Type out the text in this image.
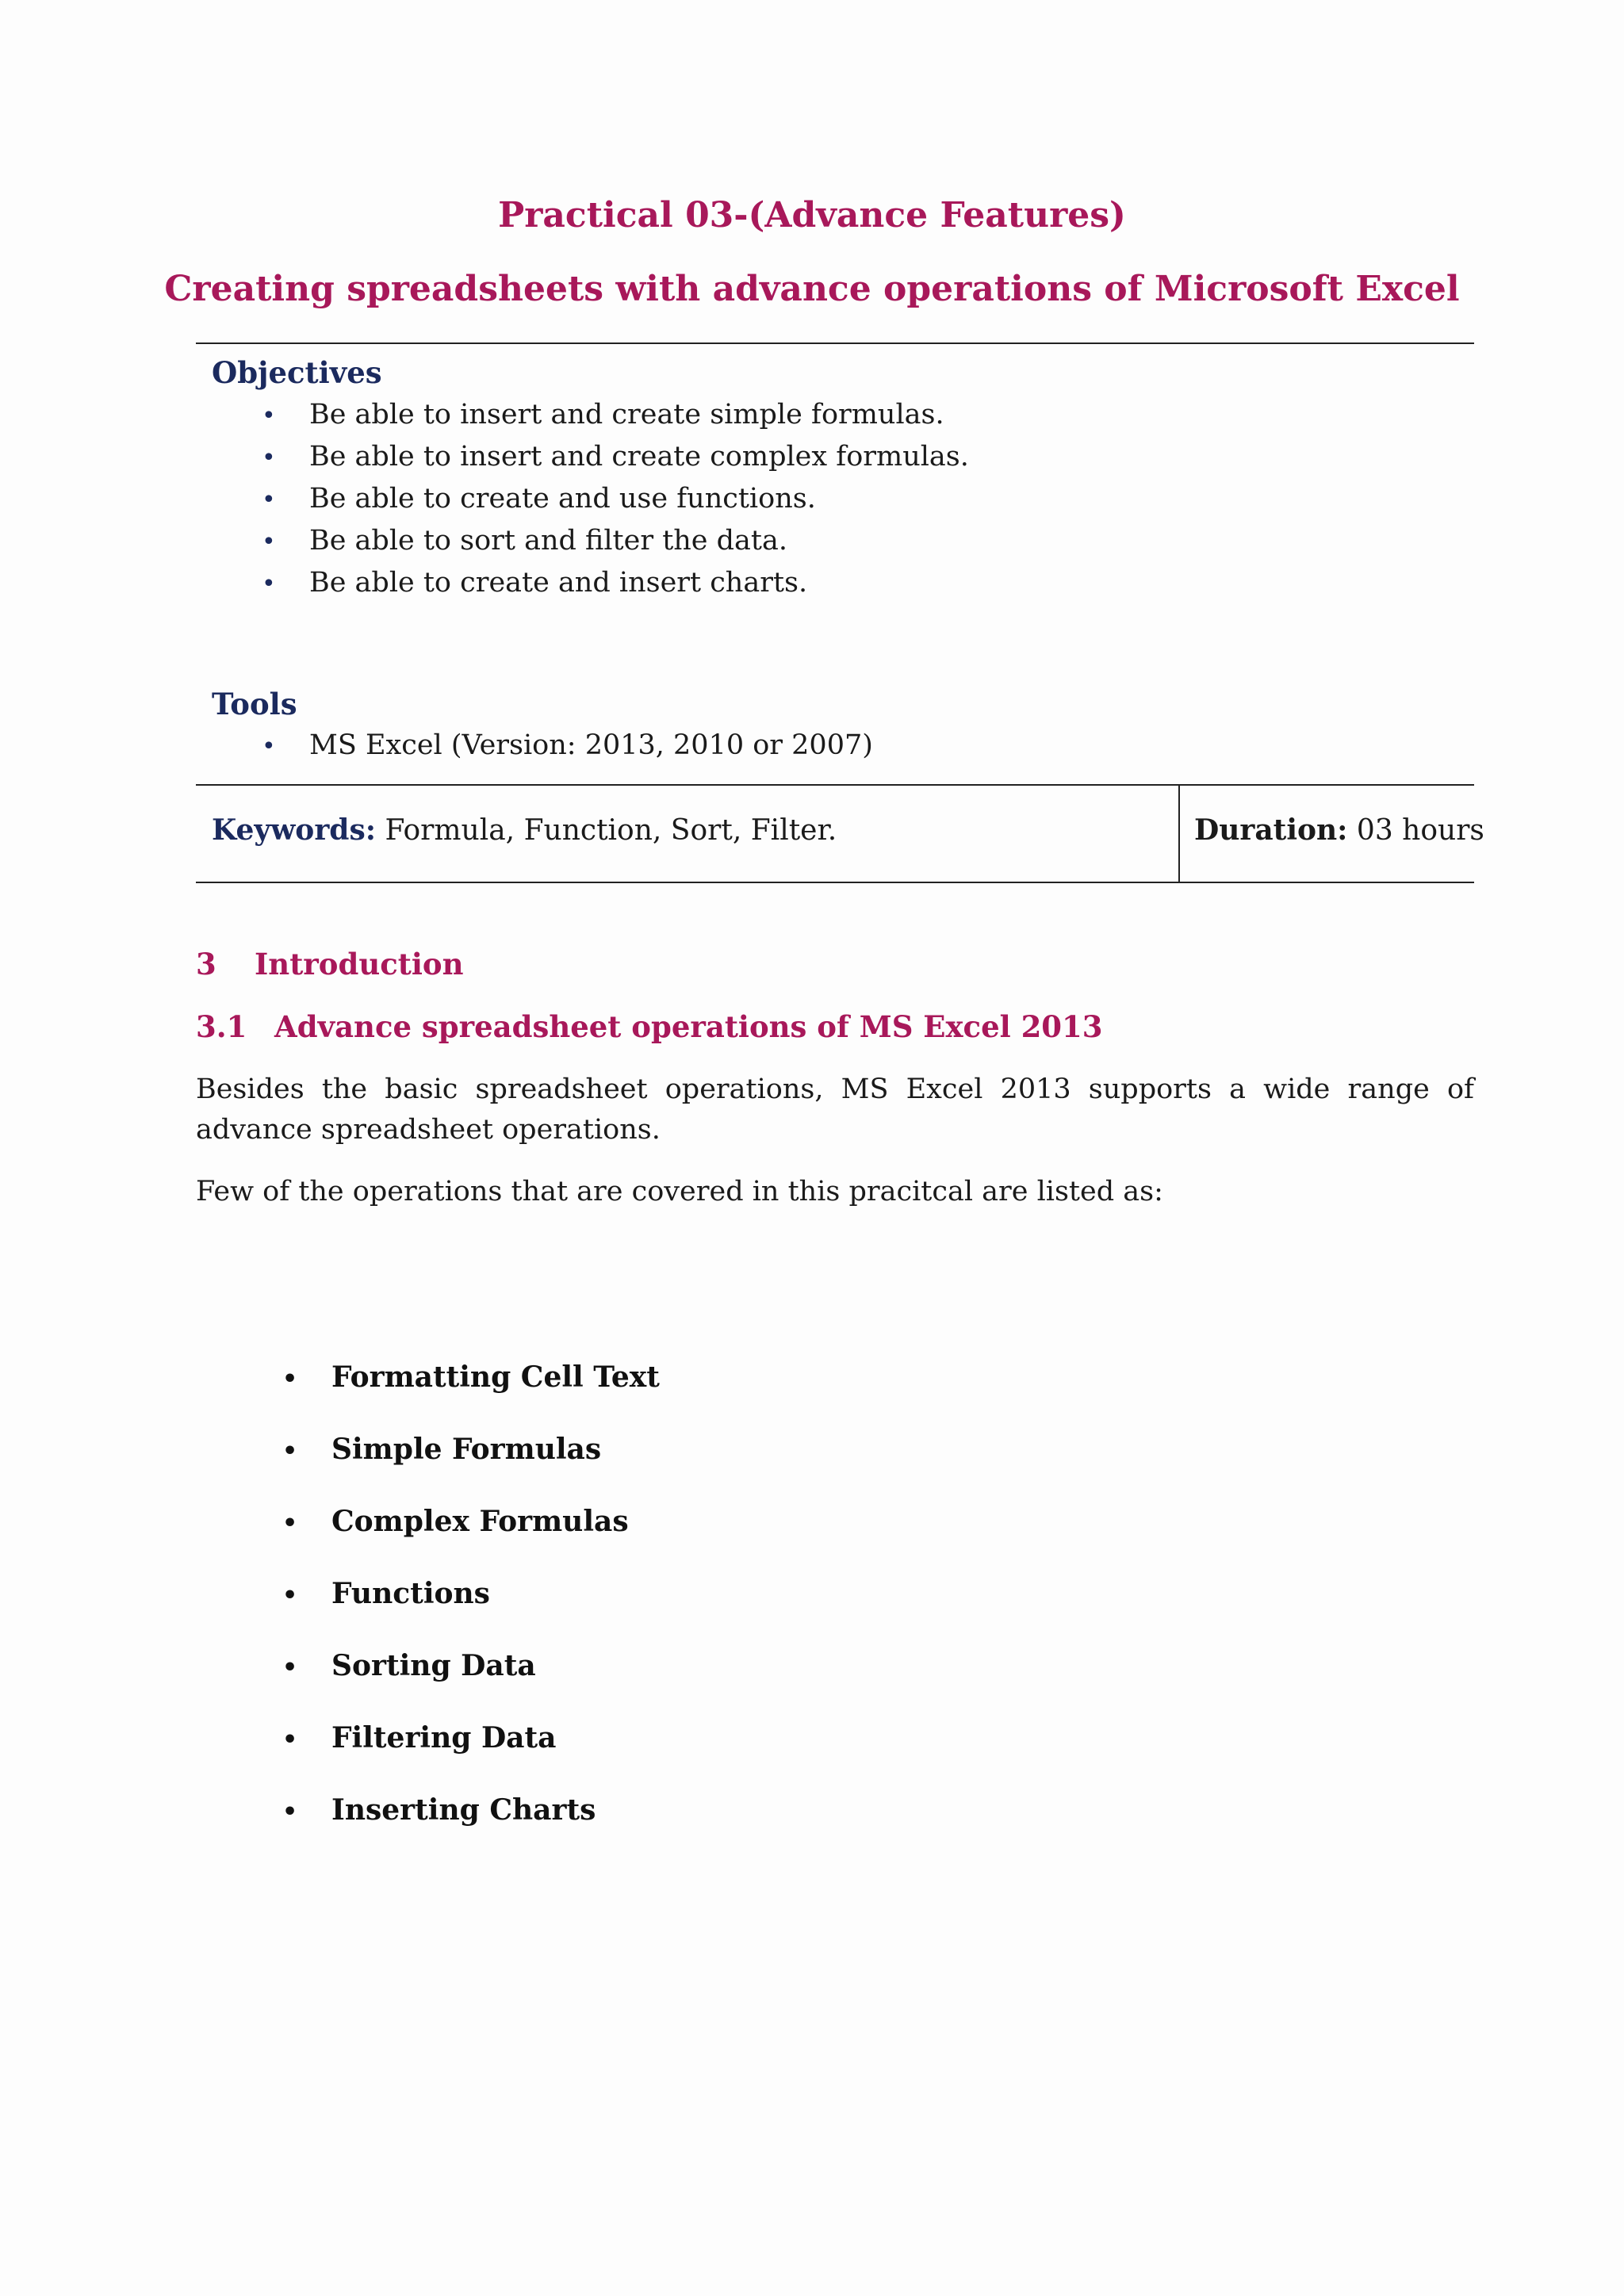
Practical 03-(Advance Features)
Creating spreadsheets with advance operations of Microsoft Excel
Objectives
• Be able to insert and create simple formulas.
• Be able to insert and create complex formulas.
• Be able to create and use functions.
• Be able to sort and filter the data.
• Be able to create and insert charts.
Tools
• MS Excel (Version: 2013, 2010 or 2007)
Keywords: Formula, Function, Sort, Filter.	Duration: 03 hours
3 Introduction
3.1 Advance spreadsheet operations of MS Excel 2013
Besides the basic spreadsheet operations, MS Excel 2013 supports a wide range of advance spreadsheet operations.
Few of the operations that are covered in this pracitcal are listed as:
• Formatting Cell Text
• Simple Formulas
• Complex Formulas
• Functions
• Sorting Data
• Filtering Data
• Inserting Charts
